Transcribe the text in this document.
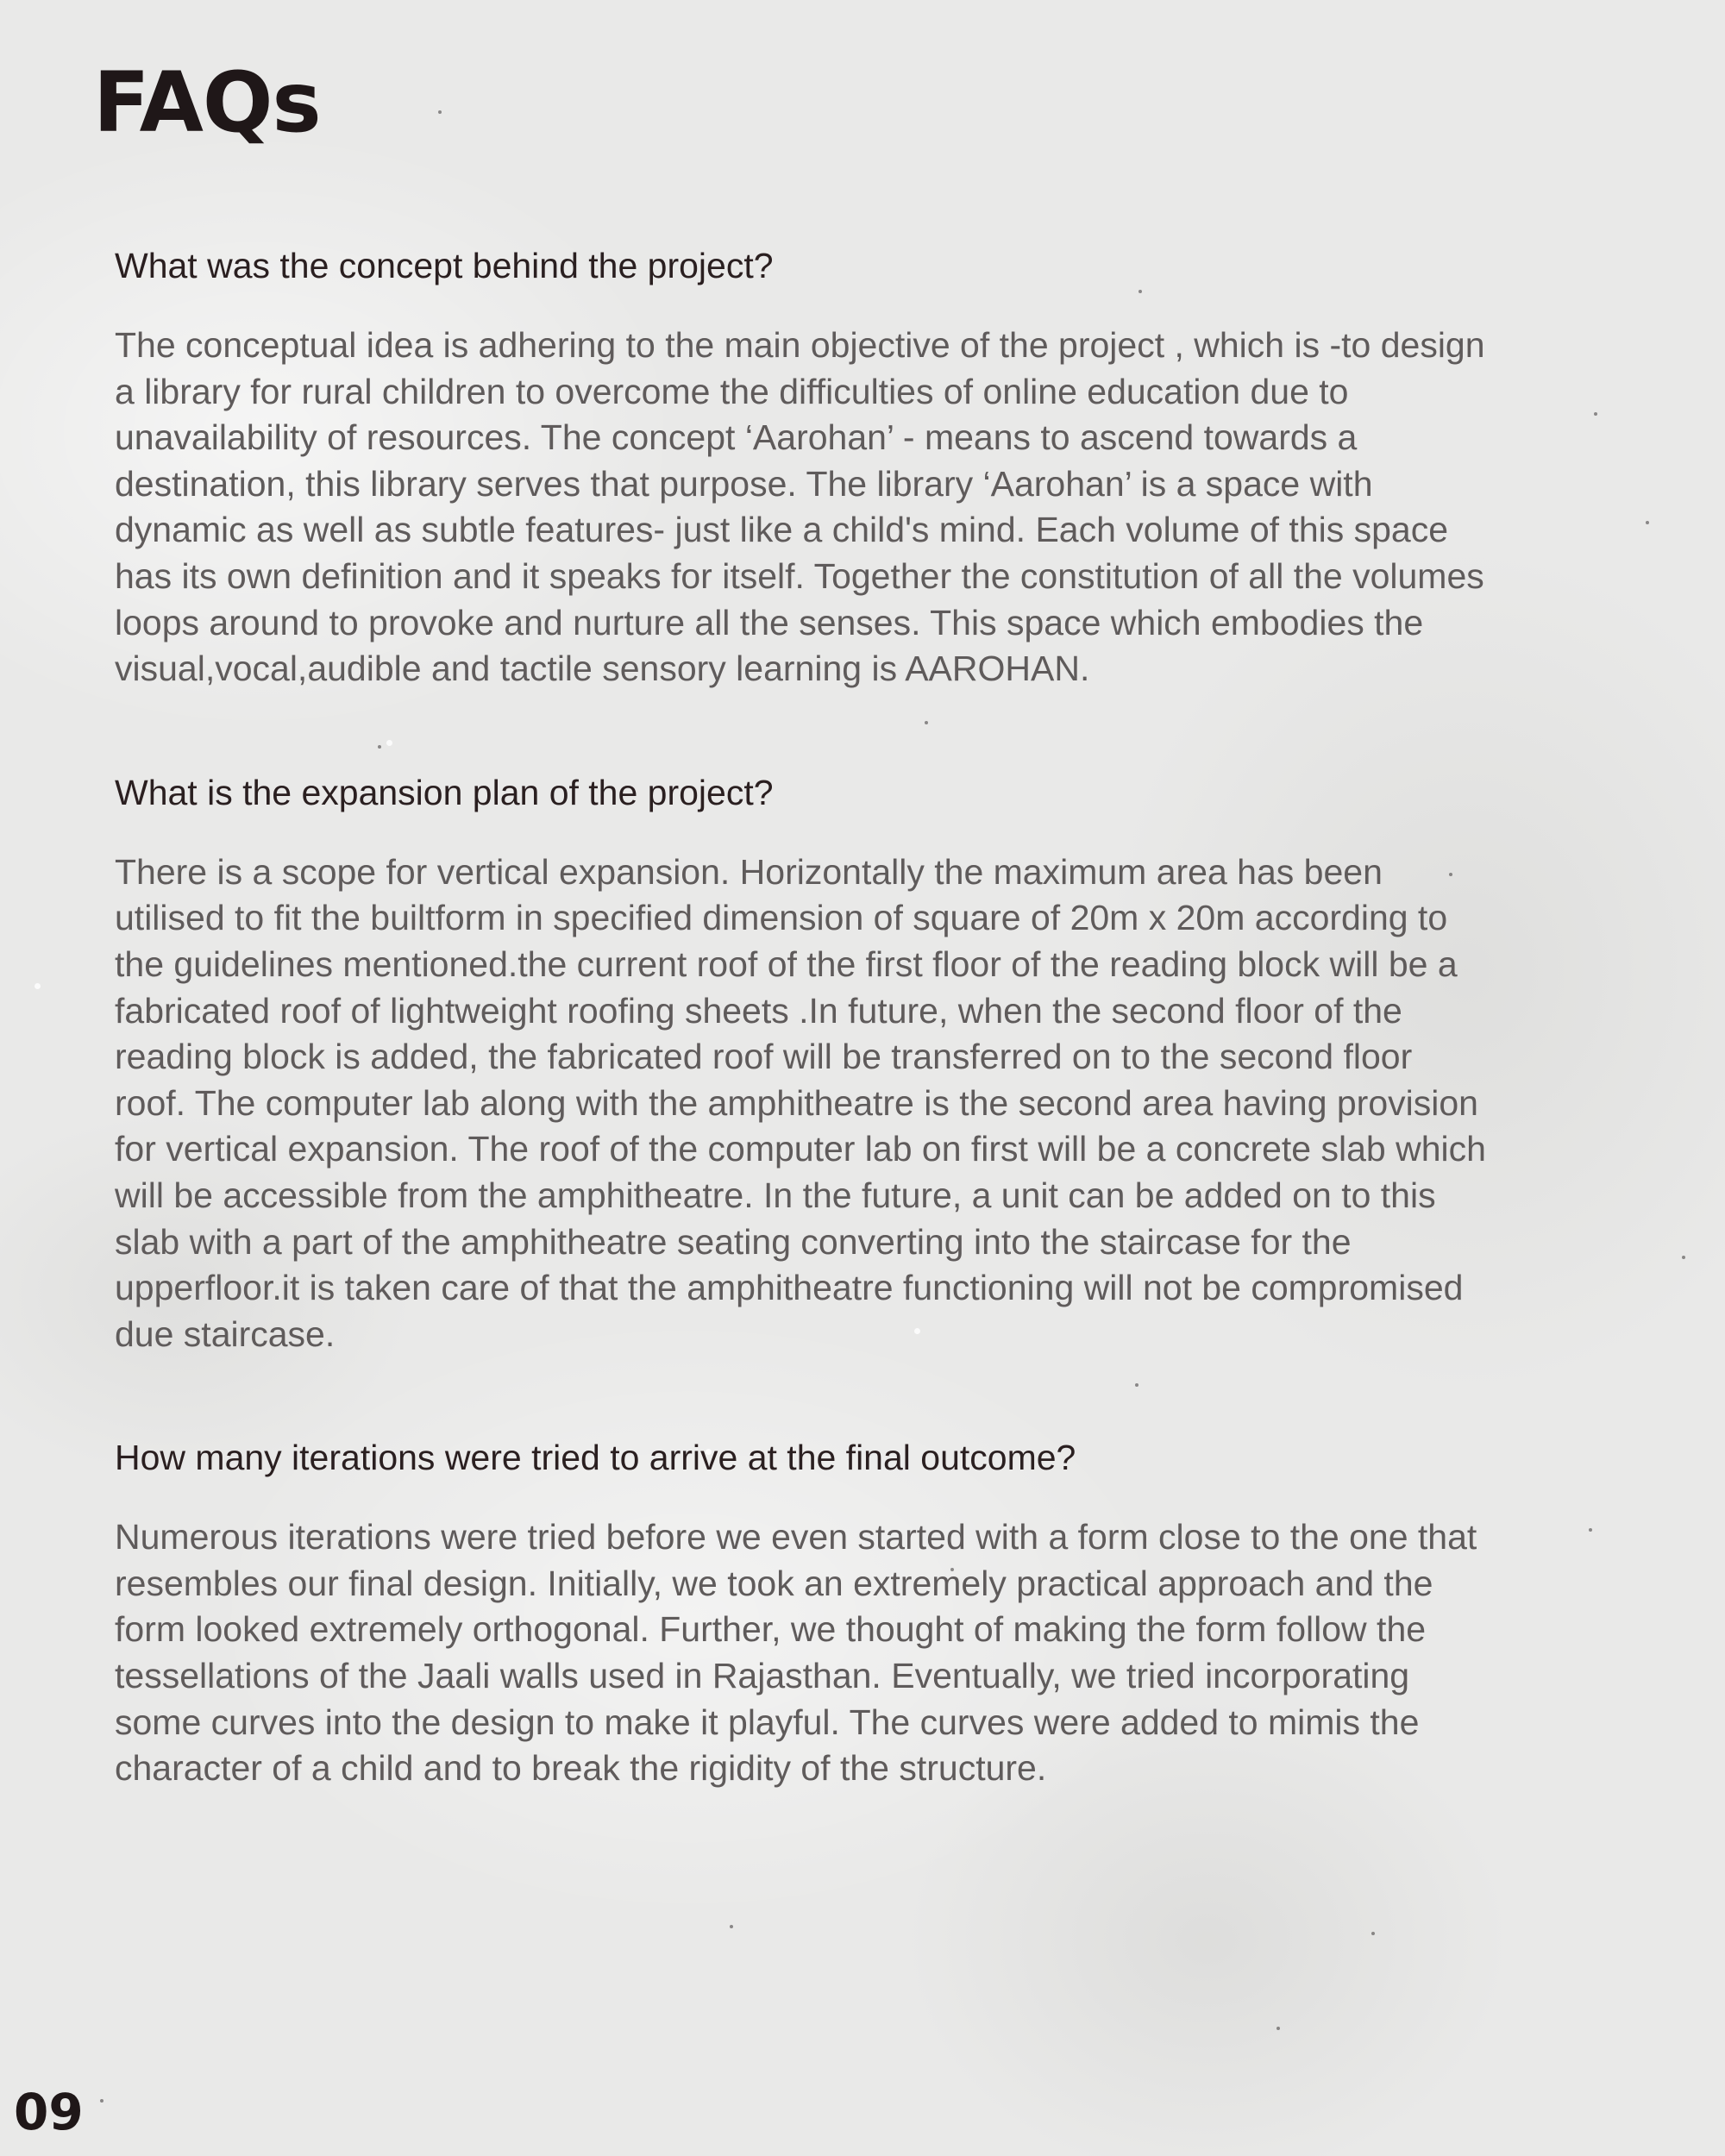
FAQs
What was the concept behind the project?

The conceptual idea is adhering to the main objective of the project , which is -to design
a library for rural children to overcome the difficulties of online education due to
unavailability of resources. The concept ‘Aarohan’ - means to ascend towards a
destination, this library serves that purpose. The library ‘Aarohan’ is a space with
dynamic as well as subtle features- just like a child's mind. Each volume of this space
has its own definition and it speaks for itself. Together the constitution of all the volumes
loops around to provoke and nurture all the senses. This space which embodies the
visual,vocal,audible and tactile sensory learning is AAROHAN.

What is the expansion plan of the project?

There is a scope for vertical expansion. Horizontally the maximum area has been
utilised to fit the builtform in specified dimension of square of 20m x 20m according to
the guidelines mentioned.the current roof of the first floor of the reading block will be a
fabricated roof of lightweight roofing sheets .In future, when the second floor of the
reading block is added, the fabricated roof will be transferred on to the second floor
roof. The computer lab along with the amphitheatre is the second area having provision
for vertical expansion. The roof of the computer lab on first will be a concrete slab which
will be accessible from the amphitheatre. In the future, a unit can be added on to this
slab with a part of the amphitheatre seating converting into the staircase for the
upperfloor.it is taken care of that the amphitheatre functioning will not be compromised
due staircase.

How many iterations were tried to arrive at the final outcome?

Numerous iterations were tried before we even started with a form close to the one that
resembles our final design. Initially, we took an extremely practical approach and the
form looked extremely orthogonal. Further, we thought of making the form follow the
tessellations of the Jaali walls used in Rajasthan. Eventually, we tried incorporating
some curves into the design to make it playful. The curves were added to mimis the
character of a child and to break the rigidity of the structure.

09
